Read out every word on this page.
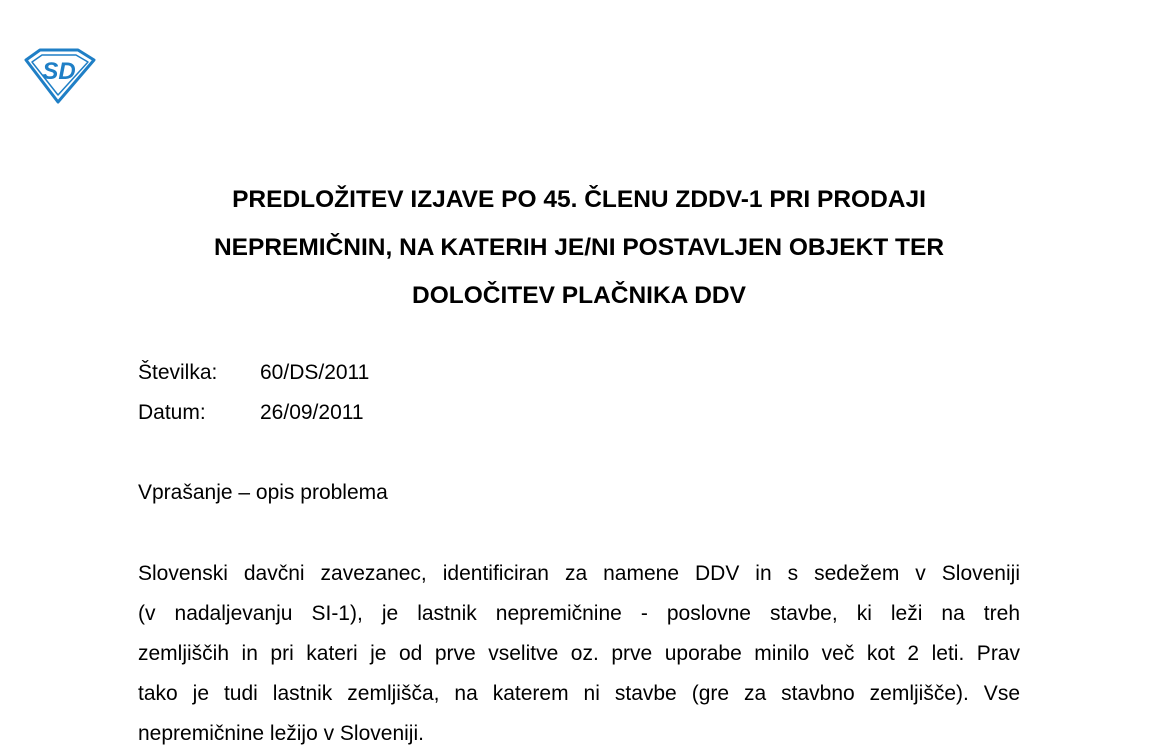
SD
PREDLOŽITEV IZJAVE PO 45. ČLENU ZDDV-1 PRI PRODAJI
NEPREMIČNIN, NA KATERIH JE/NI POSTAVLJEN OBJEKT TER
DOLOČITEV PLAČNIKA DDV
Številka: 60/DS/2011
Datum:	26/09/2011
Vprašanje – opis problema
Slovenski davčni zavezanec, identificiran za namene DDV in s sedežem v Sloveniji
(v nadaljevanju SI-1), je lastnik nepremičnine - poslovne stavbe, ki leži na treh
zemljiščih in pri kateri je od prve vselitve oz. prve uporabe minilo več kot 2 leti. Prav
tako je tudi lastnik zemljišča, na katerem ni stavbe (gre za stavbno zemljišče). Vse
nepremičnine ležijo v Sloveniji.
